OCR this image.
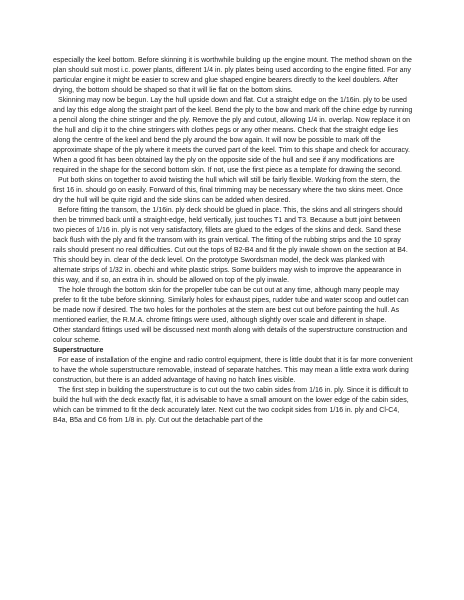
especially the keel bottom. Before skinning it is worthwhile building up the engine mount. The method shown on the plan should suit most i.c. power plants, different 1/4 in. ply plates being used according to the engine fitted. For any particular engine it might be easier to screw and glue shaped engine bearers directly to the keel doublers. After drying, the bottom should be shaped so that it will lie flat on the bottom skins.

Skinning may now be begun. Lay the hull upside down and flat. Cut a straight edge on the 1/16in. ply to be used and lay this edge along the straight part of the keel. Bend the ply to the bow and mark off the chine edge by running a pencil along the chine stringer and the ply. Remove the ply and cutout, allowing 1/4 in. overlap. Now replace it on the hull and clip it to the chine stringers with clothes pegs or any other means. Check that the straight edge lies along the centre of the keel and bend the ply around the bow again. It will now be possible to mark off the approximate shape of the ply where it meets the curved part of the keel. Trim to this shape and check for accuracy. When a good fit has been obtained lay the ply on the opposite side of the hull and see if any modifications are required in the shape for the second bottom skin. If not, use the first piece as a template for drawing the second.

Put both skins on together to avoid twisting the hull which will still be fairly flexible. Working from the stern, the first 16 in. should go on easily. Forward of this, final trimming may be necessary where the two skins meet. Once dry the hull will be quite rigid and the side skins can be added when desired.

Before fitting the transom, the 1/16in. ply deck should be glued in place. This, the skins and all stringers should then be trimmed back until a straight-edge, held vertically, just touches T1 and T3. Because a butt joint between two pieces of 1/16 in. ply is not very satisfactory, fillets are glued to the edges of the skins and deck. Sand these back flush with the ply and fit the transom with its grain vertical. The fitting of the rubbing strips and the 10 spray rails should present no real difficulties. Cut out the tops of B2-B4 and fit the ply inwale shown on the section at B4. This should bey in. clear of the deck level. On the prototype Swordsman model, the deck was planked with alternate strips of 1/32 in. obechi and white plastic strips. Some builders may wish to improve the appearance in this way, and if so, an extra ih in. should be allowed on top of the ply inwale.

The hole through the bottom skin for the propeller tube can be cut out at any time, although many people may prefer to fit the tube before skinning. Similarly holes for exhaust pipes, rudder tube and water scoop and outlet can be made now if desired. The two holes for the portholes at the stern are best cut out before painting the hull. As mentioned earlier, the R.M.A. chrome fittings were used, although slightly over scale and different in shape.

Other standard fittings used will be discussed next month along with details of the superstructure construction and colour scheme.

Superstructure

For ease of installation of the engine and radio control equipment, there is little doubt that it is far more convenient to have the whole superstructure removable, instead of separate hatches. This may mean a little extra work during construction, but there is an added advantage of having no hatch lines visible.

The first step in building the superstructure is to cut out the two cabin sides from 1/16 in. ply. Since it is difficult to build the hull with the deck exactly flat, it is advisable to have a small amount on the lower edge of the cabin sides, which can be trimmed to fit the deck accurately later. Next cut the two cockpit sides from 1/16 in. ply and Cl-C4, B4a, B5a and C6 from 1/8 in. ply. Cut out the detachable part of the
